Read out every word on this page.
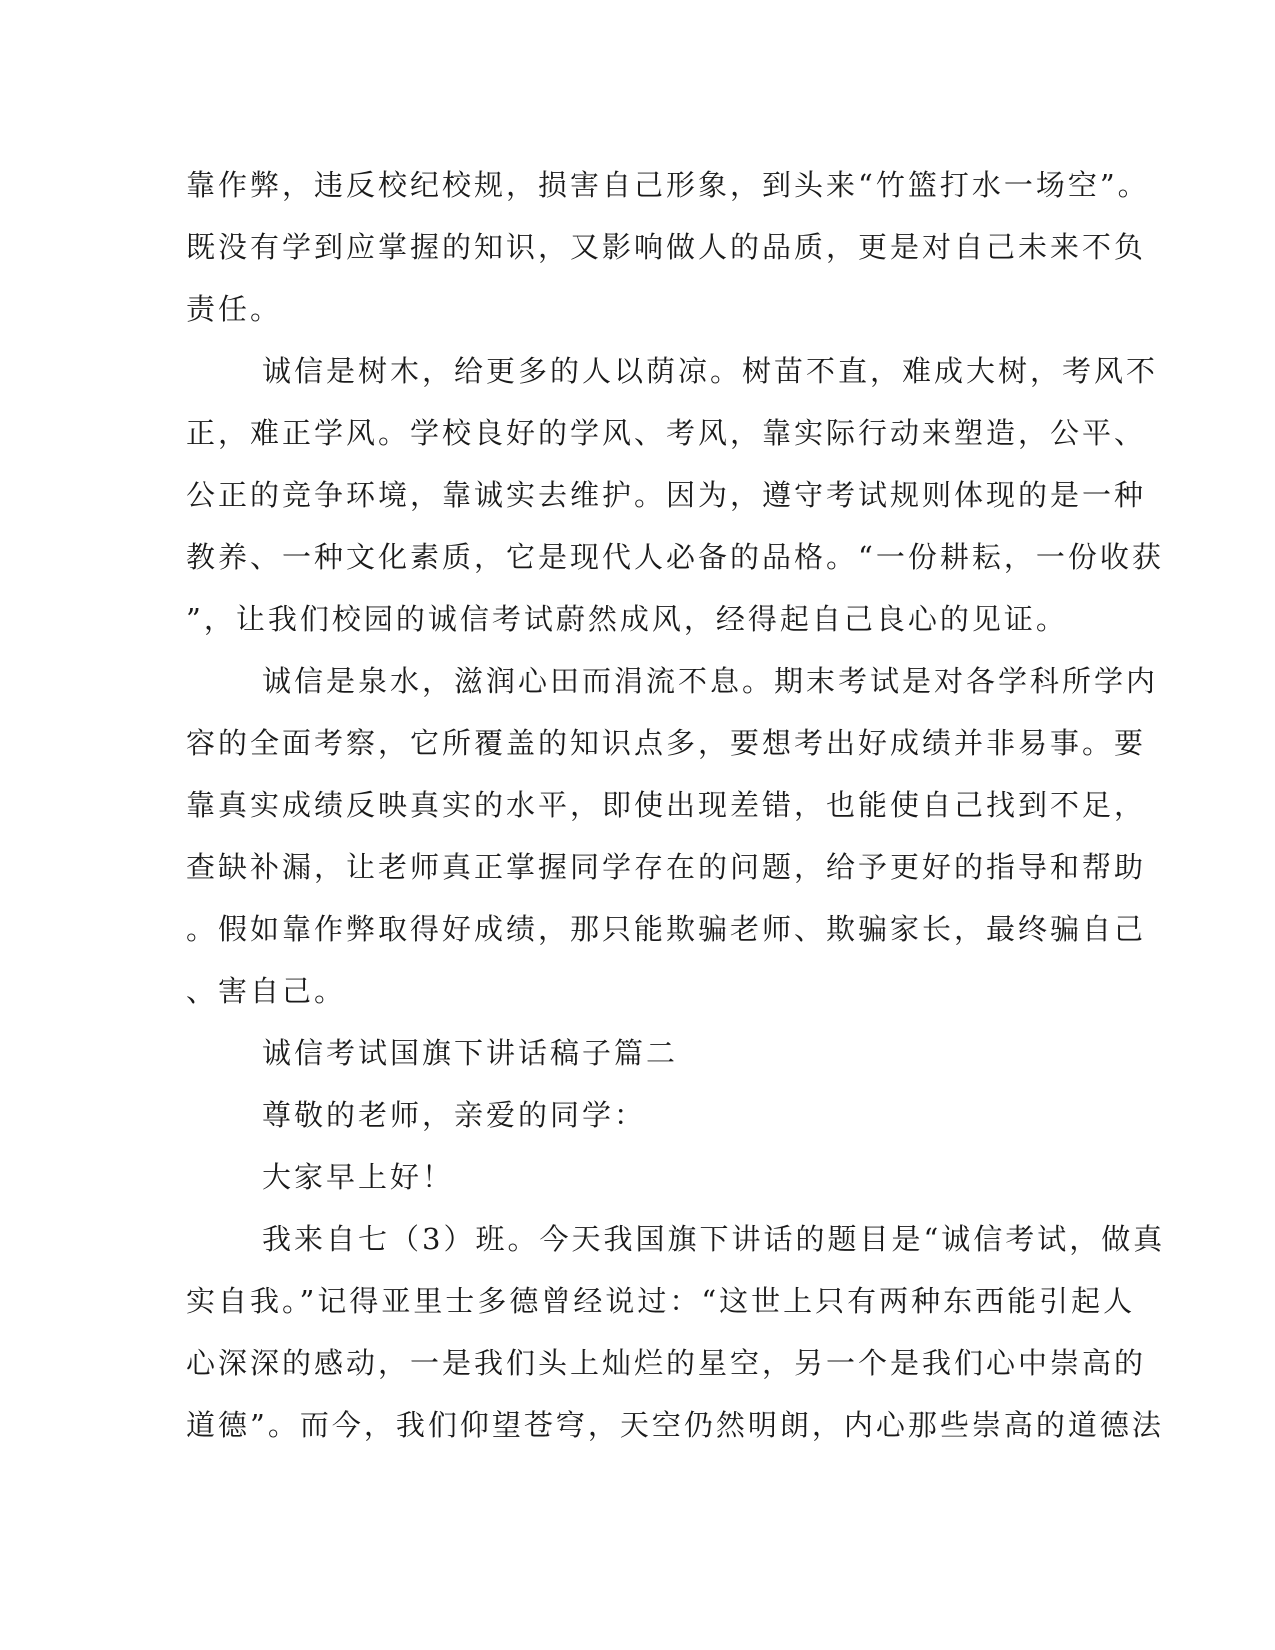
靠作弊，违反校纪校规，损害自己形象，到头来“竹篮打水一场空”。
既没有学到应掌握的知识，又影响做人的品质，更是对自己未来不负
责任。
诚信是树木，给更多的人以荫凉。树苗不直，难成大树，考风不
正，难正学风。学校良好的学风、考风，靠实际行动来塑造，公平、
公正的竞争环境，靠诚实去维护。因为，遵守考试规则体现的是一种
教养、一种文化素质，它是现代人必备的品格。“一份耕耘，一份收获
”，让我们校园的诚信考试蔚然成风，经得起自己良心的见证。
诚信是泉水，滋润心田而涓流不息。期末考试是对各学科所学内
容的全面考察，它所覆盖的知识点多，要想考出好成绩并非易事。要
靠真实成绩反映真实的水平，即使出现差错，也能使自己找到不足，
查缺补漏，让老师真正掌握同学存在的问题，给予更好的指导和帮助
。假如靠作弊取得好成绩，那只能欺骗老师、欺骗家长，最终骗自己
、害自己。
诚信考试国旗下讲话稿子篇二
尊敬的老师，亲爱的同学：
大家早上好！
我来自七（3）班。今天我国旗下讲话的题目是“诚信考试，做真
实自我。”记得亚里士多德曾经说过：“这世上只有两种东西能引起人
心深深的感动，一是我们头上灿烂的星空，另一个是我们心中崇高的
道德”。而今，我们仰望苍穹，天空仍然明朗，内心那些崇高的道德法
